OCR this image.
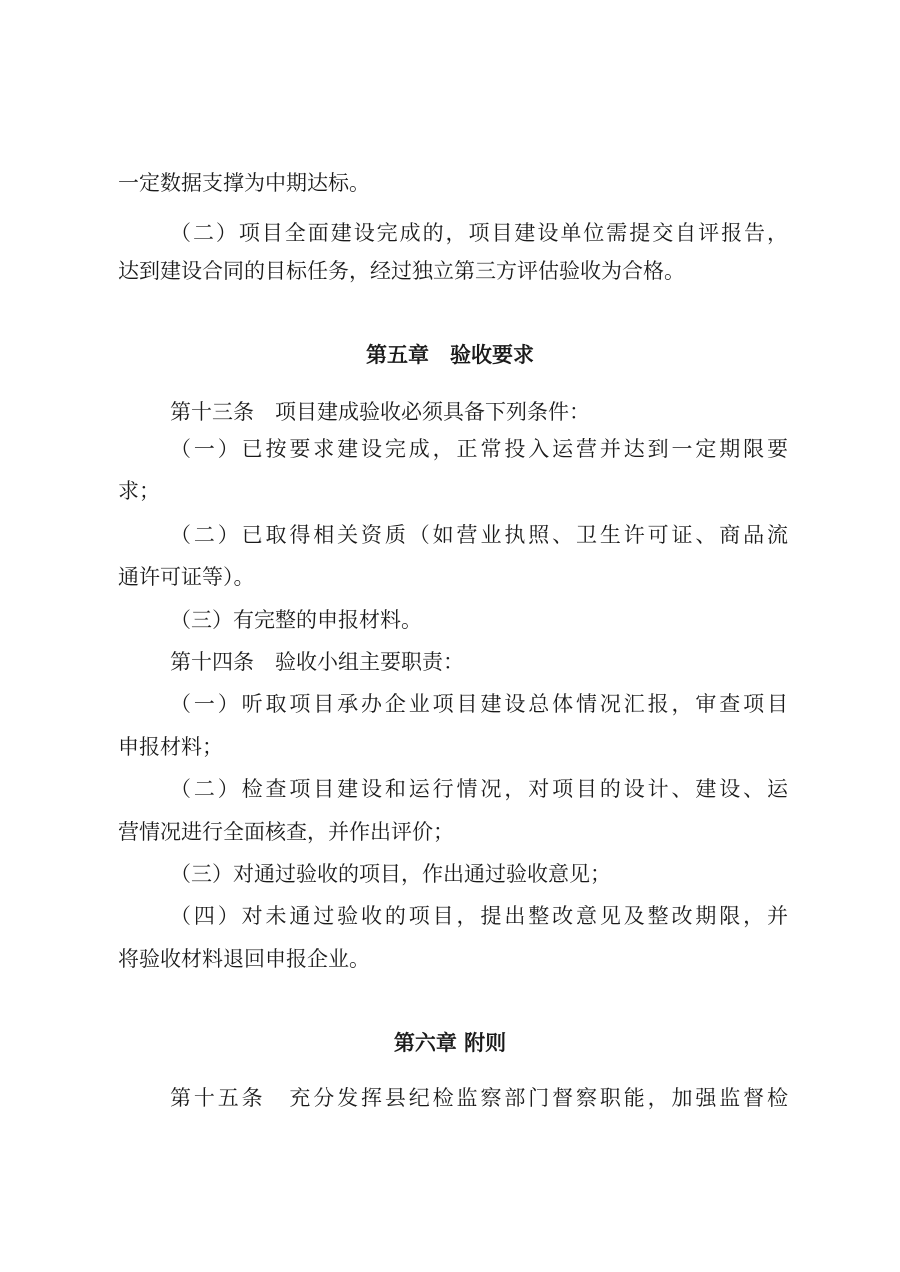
一定数据支撑为中期达标。
（二）项目全面建设完成的，项目建设单位需提交自评报告，
达到建设合同的目标任务，经过独立第三方评估验收为合格。
第五章　验收要求
第十三条　项目建成验收必须具备下列条件：
（一）已按要求建设完成，正常投入运营并达到一定期限要
求；
（二）已取得相关资质（如营业执照、卫生许可证、商品流
通许可证等）。
（三）有完整的申报材料。
第十四条　验收小组主要职责：
（一）听取项目承办企业项目建设总体情况汇报，审查项目
申报材料；
（二）检查项目建设和运行情况，对项目的设计、建设、运
营情况进行全面核查，并作出评价；
（三）对通过验收的项目，作出通过验收意见；
（四）对未通过验收的项目，提出整改意见及整改期限，并
将验收材料退回申报企业。
第六章 附则
第十五条　充分发挥县纪检监察部门督察职能，加强监督检
